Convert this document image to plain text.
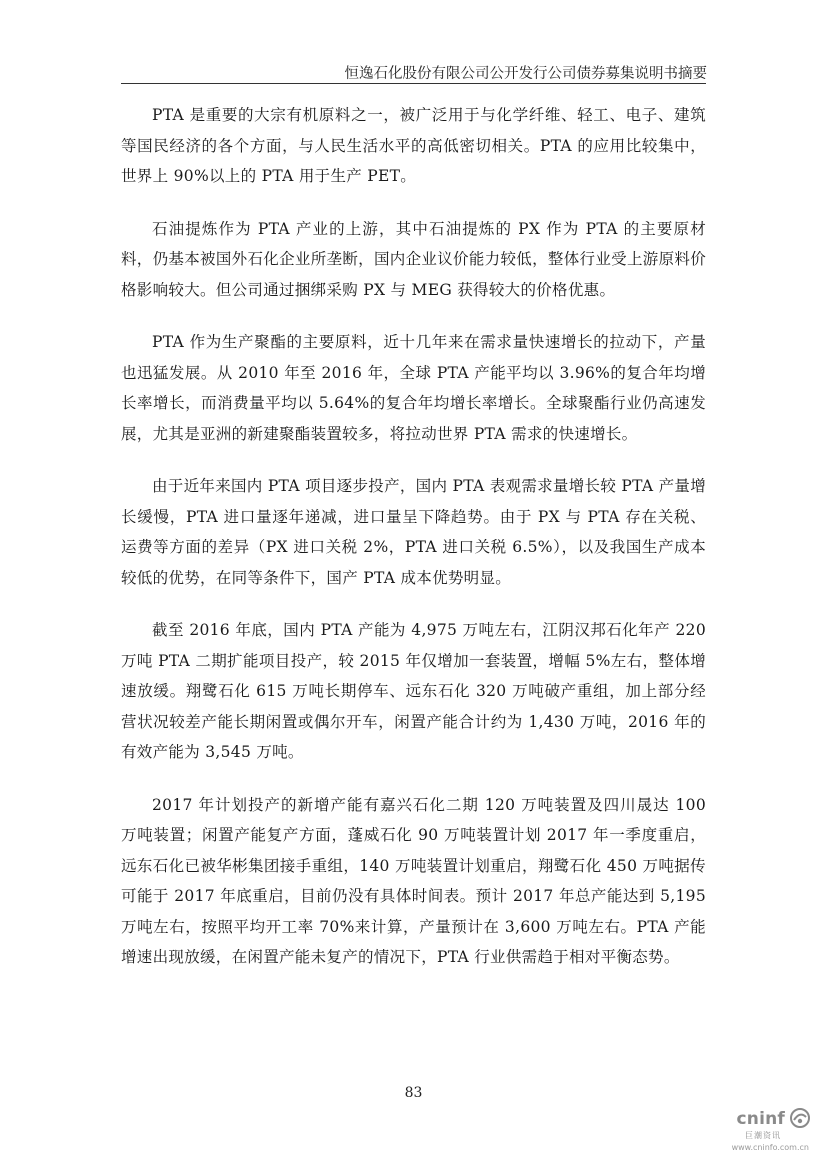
恒逸石化股份有限公司公开发行公司债券募集说明书摘要

PTA 是重要的大宗有机原料之一，被广泛用于与化学纤维、轻工、电子、建筑等国民经济的各个方面，与人民生活水平的高低密切相关。PTA 的应用比较集中，世界上 90%以上的 PTA 用于生产 PET。

石油提炼作为 PTA 产业的上游，其中石油提炼的 PX 作为 PTA 的主要原材料，仍基本被国外石化企业所垄断，国内企业议价能力较低，整体行业受上游原料价格影响较大。但公司通过捆绑采购 PX 与 MEG 获得较大的价格优惠。

PTA 作为生产聚酯的主要原料，近十几年来在需求量快速增长的拉动下，产量也迅猛发展。从 2010 年至 2016 年，全球 PTA 产能平均以 3.96%的复合年均增长率增长，而消费量平均以 5.64%的复合年均增长率增长。全球聚酯行业仍高速发展，尤其是亚洲的新建聚酯装置较多，将拉动世界 PTA 需求的快速增长。

由于近年来国内 PTA 项目逐步投产，国内 PTA 表观需求量增长较 PTA 产量增长缓慢，PTA 进口量逐年递减，进口量呈下降趋势。由于 PX 与 PTA 存在关税、运费等方面的差异（PX 进口关税 2%，PTA 进口关税 6.5%），以及我国生产成本较低的优势，在同等条件下，国产 PTA 成本优势明显。

截至 2016 年底，国内 PTA 产能为 4,975 万吨左右，江阴汉邦石化年产 220 万吨 PTA 二期扩能项目投产，较 2015 年仅增加一套装置，增幅 5%左右，整体增速放缓。翔鹭石化 615 万吨长期停车、远东石化 320 万吨破产重组，加上部分经营状况较差产能长期闲置或偶尔开车，闲置产能合计约为 1,430 万吨，2016 年的有效产能为 3,545 万吨。

2017 年计划投产的新增产能有嘉兴石化二期 120 万吨装置及四川晟达 100 万吨装置；闲置产能复产方面，蓬威石化 90 万吨装置计划 2017 年一季度重启，远东石化已被华彬集团接手重组，140 万吨装置计划重启，翔鹭石化 450 万吨据传可能于 2017 年底重启，目前仍没有具体时间表。预计 2017 年总产能达到 5,195 万吨左右，按照平均开工率 70%来计算，产量预计在 3,600 万吨左右。PTA 产能增速出现放缓，在闲置产能未复产的情况下，PTA 行业供需趋于相对平衡态势。

83
cninf
巨潮资讯
www.cninfo.com.cn
